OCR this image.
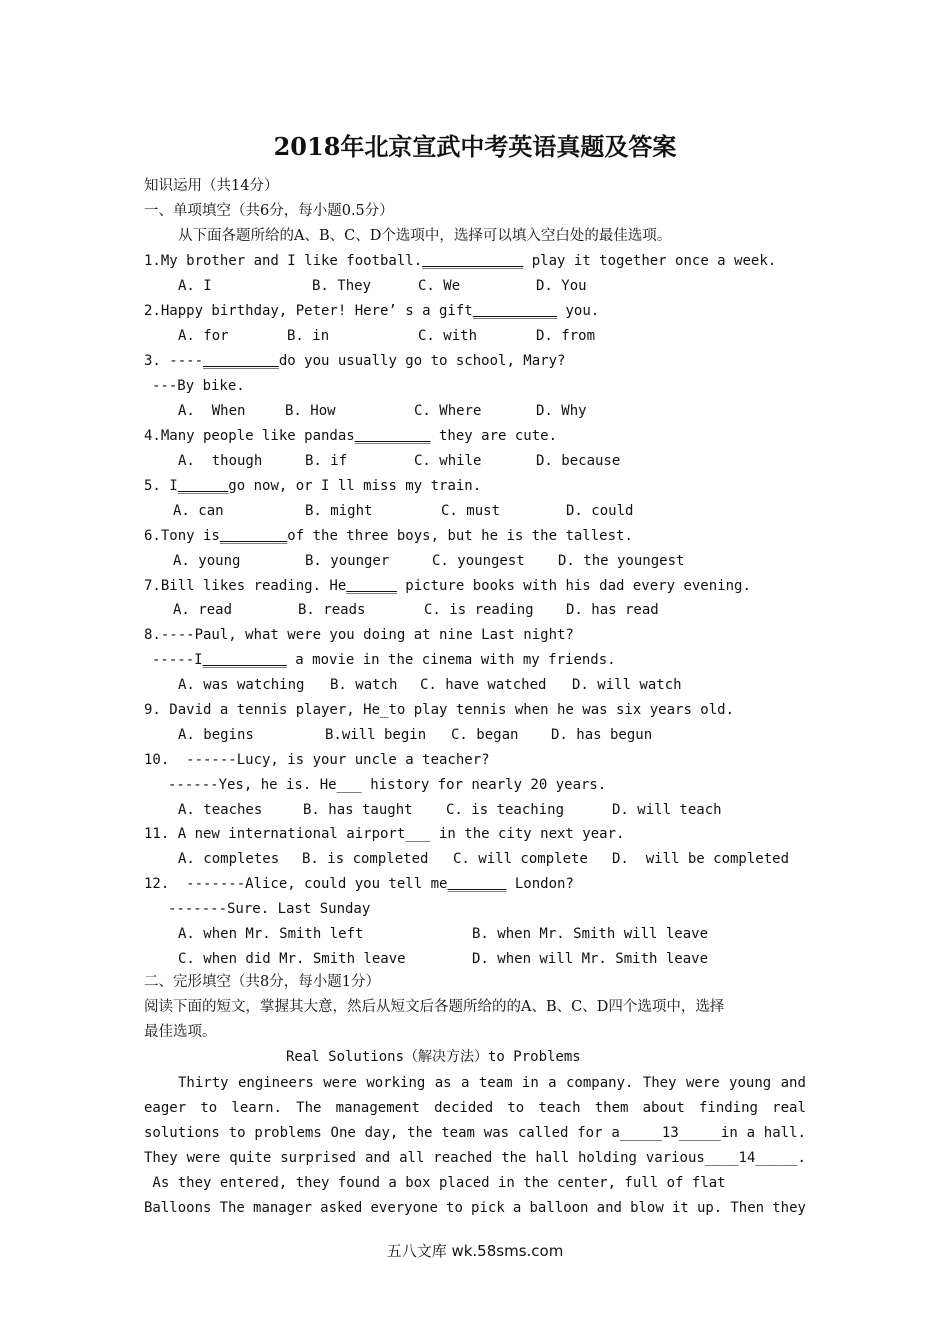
2018年北京宣武中考英语真题及答案
知识运用（共14分）
一、单项填空（共6分，每小题0.5分）
从下面各题所给的A、B、C、D个选项中，选择可以填入空白处的最佳选项。
1.My brother and I like football.____________ play it together once a week.
A. I	B. They	C. We	D. You
2.Happy birthday, Peter! Here’ s a gift__________ you.
A. for	B. in	C. with	D. from
3. ----_________do you usually go to school, Mary?
---By bike.
A.  When	B. How	C. Where	D. Why
4.Many people like pandas_________ they are cute.
A.  though	B. if	C. while	D. because
5. I______go now, or I ll miss my train.
A. can	B. might	C. must	D. could
6.Tony is________of the three boys, but he is the tallest.
A. young	B. younger	C. youngest D. the youngest
7.Bill likes reading. He______ picture books with his dad every evening.
A. read	B. reads	C. is reading D. has read
8.----Paul, what were you doing at nine Last night?
-----I__________ a movie in the cinema with my friends.
A. was watching B. watch C. have watched D. will watch
9. David a tennis player, He_to play tennis when he was six years old.
A. begins	B.will begin C. began D. has begun
10.  ------Lucy, is your uncle a teacher?
------Yes, he is. He___ history for nearly 20 years.
A. teaches	B. has taught C. is teaching	D. will teach
11. A new international airport___ in the city next year.
A. completes B. is completed C. will complete D.  will be completed
12.  -------Alice, could you tell me_______ London?
-------Sure. Last Sunday
A. when Mr. Smith left	B. when Mr. Smith will leave
C. when did Mr. Smith leave	D. when will Mr. Smith leave
二、完形填空（共8分，每小题1分）
阅读下面的短文，掌握其大意，然后从短文后各题所给的的A、B、C、D四个选项中，选择
最佳选项。
Real Solutions（解决方法）to Problems
Thirty engineers were working as a team in a company. They were young and
eager to learn. The management decided to teach them about finding real
solutions to problems One day, the team was called for a_____13_____in a hall.
They were quite surprised and all reached the hall holding various____14_____.
As they entered, they found a box placed in the center, full of flat
Balloons The manager asked everyone to pick a balloon and blow it up. Then they
五八文库 wk.58sms.com
